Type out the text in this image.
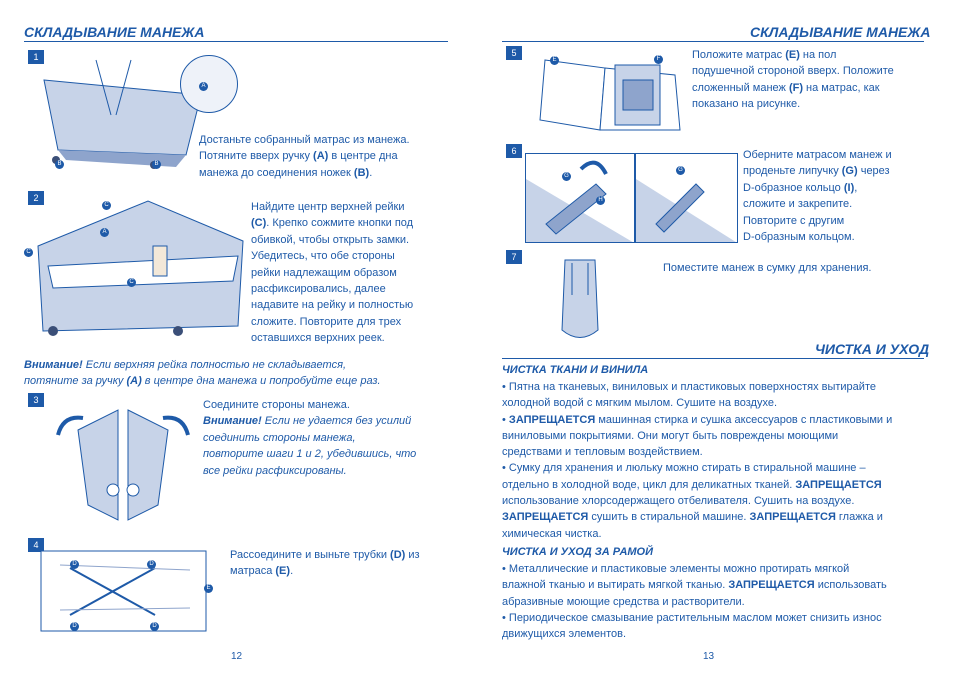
СКЛАДЫВАНИЕ МАНЕЖА
1
A
B	B
Достаньте собранный матрас из манежа.
Потяните вверх ручку (A) в центре дна
манежа до соединения ножек (B).
2
C
A
C
C
Найдите центр верхней рейки
(C). Крепко сожмите кнопки под
обивкой, чтобы открыть замки.
Убедитесь, что обе стороны
рейки надлежащим образом
расфиксировались, далее
надавите на рейку и полностью
сложите. Повторите для трех
оставшихся верхних реек.
Внимание! Если верхняя рейка полностью не складывается,
потяните за ручку (A) в центре дна манежа и попробуйте еще раз.
3	Соедините стороны манежа.
Внимание! Если не удается без усилий
соединить стороны манежа,
повторите шаги 1 и 2, убедившись, что
все рейки расфиксированы.
4
D	D
D	D
E
Рассоедините и выньте трубки (D) из
матраса (E).
12
СКЛАДЫВАНИЕ МАНЕЖА
5
E	F	Положите матрас (E) на пол
подушечной стороной вверх. Положите
сложенный манеж (F) на матрас, как
показано на рисунке.
6
G
H
G
Оберните матрасом манеж и
проденьте липучку (G) через
D-образное кольцо (I),
сложите и закрепите.
Повторите с другим
D-образным кольцом.
7
Поместите манеж в сумку для хранения.
ЧИСТКА И УХОД
ЧИСТКА ТКАНИ И ВИНИЛА
• Пятна на тканевых, виниловых и пластиковых поверхностях вытирайте
холодной водой с мягким мылом. Сушите на воздухе.
• ЗАПРЕЩАЕТСЯ машинная стирка и сушка аксессуаров с пластиковыми и
виниловыми покрытиями. Они могут быть повреждены моющими
средствами и тепловым воздействием.
• Сумку для хранения и люльку можно стирать в стиральной машине –
отдельно в холодной воде, цикл для деликатных тканей. ЗАПРЕЩАЕТСЯ
использование хлорсодержащего отбеливателя. Сушить на воздухе.
ЗАПРЕЩАЕТСЯ сушить в стиральной машине. ЗАПРЕЩАЕТСЯ глажка и
химическая чистка.
ЧИСТКА И УХОД ЗА РАМОЙ
• Металлические и пластиковые элементы можно протирать мягкой
влажной тканью и вытирать мягкой тканью. ЗАПРЕЩАЕТСЯ использовать
абразивные моющие средства и растворители.
• Периодическое смазывание растительным маслом может снизить износ
движущихся элементов.
13
